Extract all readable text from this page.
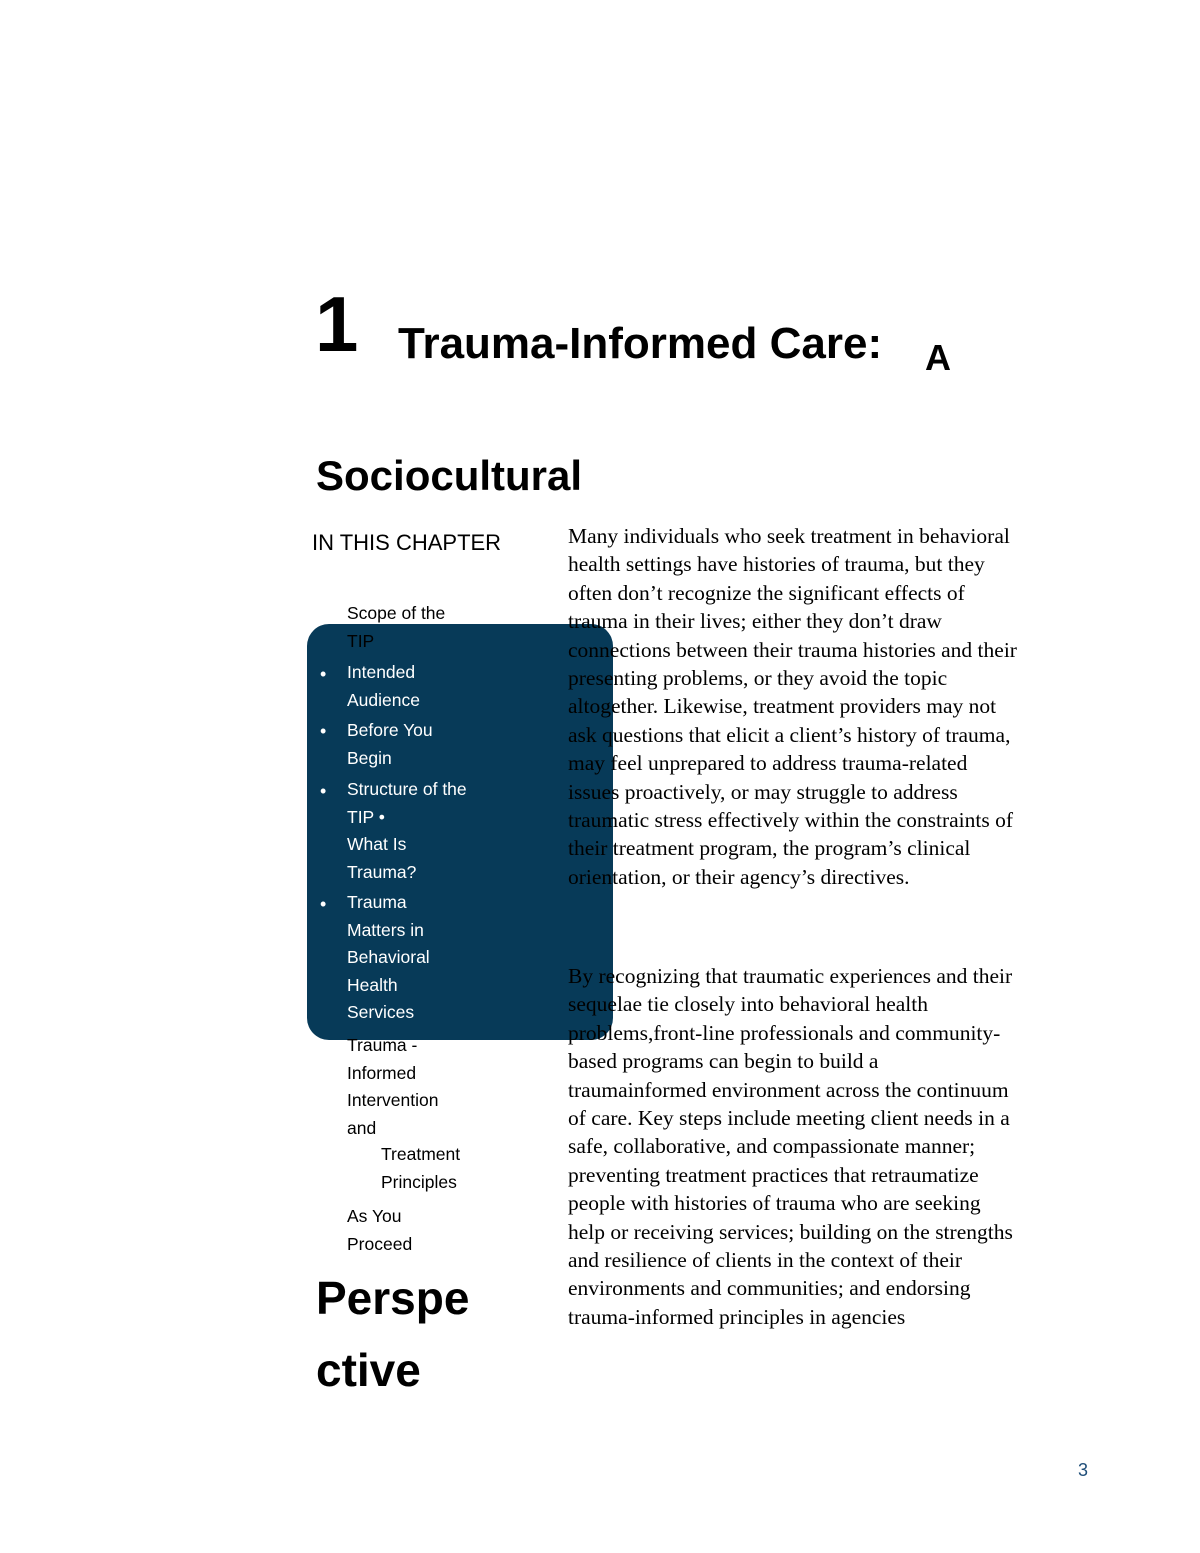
1 Trauma-Informed Care: A
Sociocultural
IN THIS CHAPTER
•
•
•
•
Scope of the TIP
Intended Audience
Before You Begin
Structure of the TIP •
What Is Trauma?
Trauma Matters in Behavioral Health Services
Trauma -Informed Intervention and
Treatment Principles
As You Proceed
Perspe ctive

Many individuals who seek treatment in behavioral health settings have histories of trauma, but they often don’t recognize the significant effects of trauma in their lives; either they don’t draw connections between their trauma histories and their presenting problems, or they avoid the topic altogether. Likewise, treatment providers may not ask questions that elicit a client’s history of trauma, may feel unprepared to address trauma-related issues proactively, or may struggle to address traumatic stress effectively within the constraints of their treatment program, the program’s clinical orientation, or their agency’s directives.

By recognizing that traumatic experiences and their sequelae tie closely into behavioral health problems,front-line professionals and community-based programs can begin to build a traumainformed environment across the continuum of care. Key steps include meeting client needs in a safe, collaborative, and compassionate manner; preventing treatment practices that retraumatize people with histories of trauma who are seeking help or receiving services; building on the strengths and resilience of clients in the context of their environments and communities; and endorsing trauma-informed principles in agencies

3
